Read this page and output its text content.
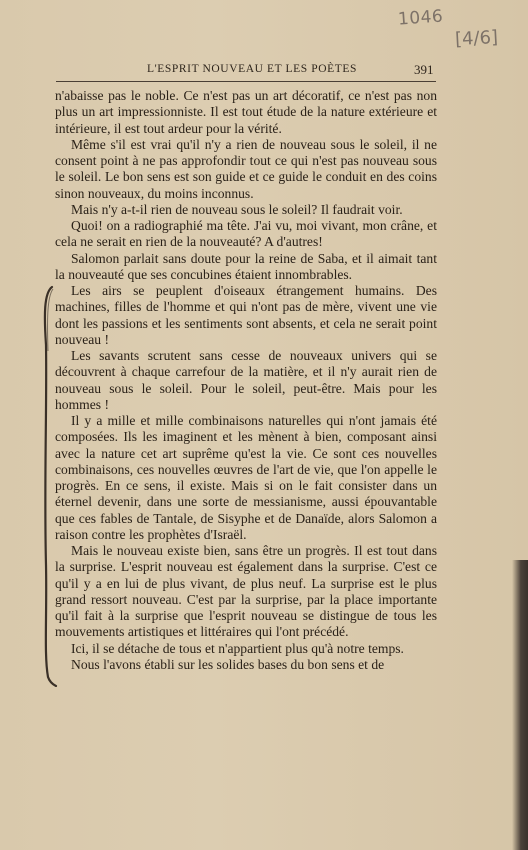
1046
[4/6]
L'ESPRIT NOUVEAU ET LES POÈTES	391

n'abaisse pas le noble. Ce n'est pas un art décoratif, ce n'est pas non plus un art impressionniste. Il est tout étude de la nature extérieure et intérieure, il est tout ardeur pour la vérité.

Même s'il est vrai qu'il n'y a rien de nouveau sous le soleil, il ne consent point à ne pas approfondir tout ce qui n'est pas nouveau sous le soleil. Le bon sens est son guide et ce guide le conduit en des coins sinon nouveaux, du moins inconnus.

Mais n'y a-t-il rien de nouveau sous le soleil? Il faudrait voir.

Quoi! on a radiographié ma tête. J'ai vu, moi vivant, mon crâne, et cela ne serait en rien de la nouveauté? A d'autres!

Salomon parlait sans doute pour la reine de Saba, et il aimait tant la nouveauté que ses concubines étaient innombrables.

Les airs se peuplent d'oiseaux étrangement humains. Des machines, filles de l'homme et qui n'ont pas de mère, vivent une vie dont les passions et les sentiments sont absents, et cela ne serait point nouveau !

Les savants scrutent sans cesse de nouveaux univers qui se découvrent à chaque carrefour de la matière, et il n'y aurait rien de nouveau sous le soleil. Pour le soleil, peut-être. Mais pour les hommes !

Il y a mille et mille combinaisons naturelles qui n'ont jamais été composées. Ils les imaginent et les mènent à bien, composant ainsi avec la nature cet art suprême qu'est la vie. Ce sont ces nouvelles combinaisons, ces nouvelles œuvres de l'art de vie, que l'on appelle le progrès. En ce sens, il existe. Mais si on le fait consister dans un éternel devenir, dans une sorte de messianisme, aussi épouvantable que ces fables de Tantale, de Sisyphe et de Danaïde, alors Salomon a raison contre les prophètes d'Israël.

Mais le nouveau existe bien, sans être un progrès. Il est tout dans la surprise. L'esprit nouveau est également dans la surprise. C'est ce qu'il y a en lui de plus vivant, de plus neuf. La surprise est le plus grand ressort nouveau. C'est par la surprise, par la place importante qu'il fait à la surprise que l'esprit nouveau se distingue de tous les mouvements artistiques et littéraires qui l'ont précédé.

Ici, il se détache de tous et n'appartient plus qu'à notre temps.

Nous l'avons établi sur les solides bases du bon sens et de
